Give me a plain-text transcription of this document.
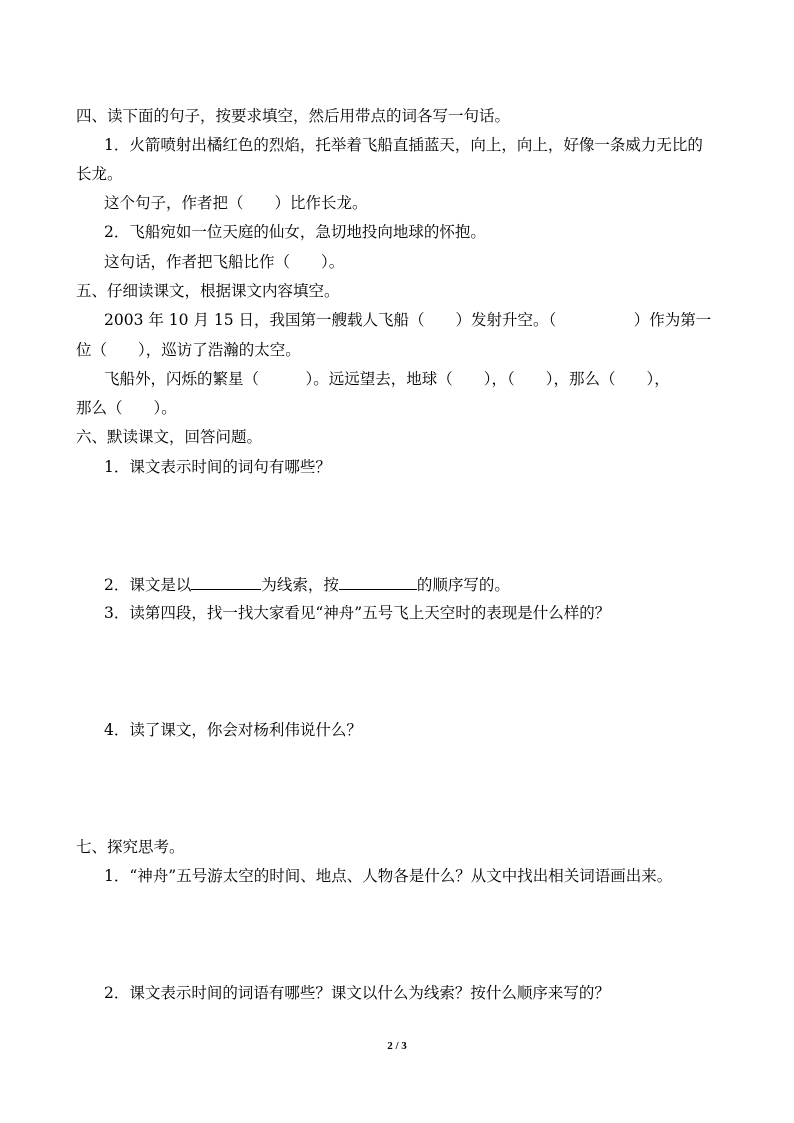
四、读下面的句子，按要求填空，然后用带点的词各写一句话。

1．火箭喷射出橘红色的烈焰，托举着飞船直插蓝天，向上，向上，好像一条威力无比的

长龙。

这个句子，作者把（　　）比作长龙。

2．飞船宛如一位天庭的仙女，急切地投向地球的怀抱。

这句话，作者把飞船比作（　　）。

五、仔细读课文，根据课文内容填空。

2003 年 10 月 15 日，我国第一艘载人飞船（　　）发射升空。（　　　　　）作为第一

位（　　），巡访了浩瀚的太空。

飞船外，闪烁的繁星（　　　）。远远望去，地球（　　），（　　），那么（　　），

那么（　　）。

六、默读课文，回答问题。

1．课文表示时间的词句有哪些？

2．课文是以	为线索，按	的顺序写的。

3．读第四段，找一找大家看见“神舟”五号飞上天空时的表现是什么样的？

4．读了课文，你会对杨利伟说什么？

七、探究思考。

1．“神舟”五号游太空的时间、地点、人物各是什么？从文中找出相关词语画出来。

2．课文表示时间的词语有哪些？课文以什么为线索？按什么顺序来写的？

2 / 3
